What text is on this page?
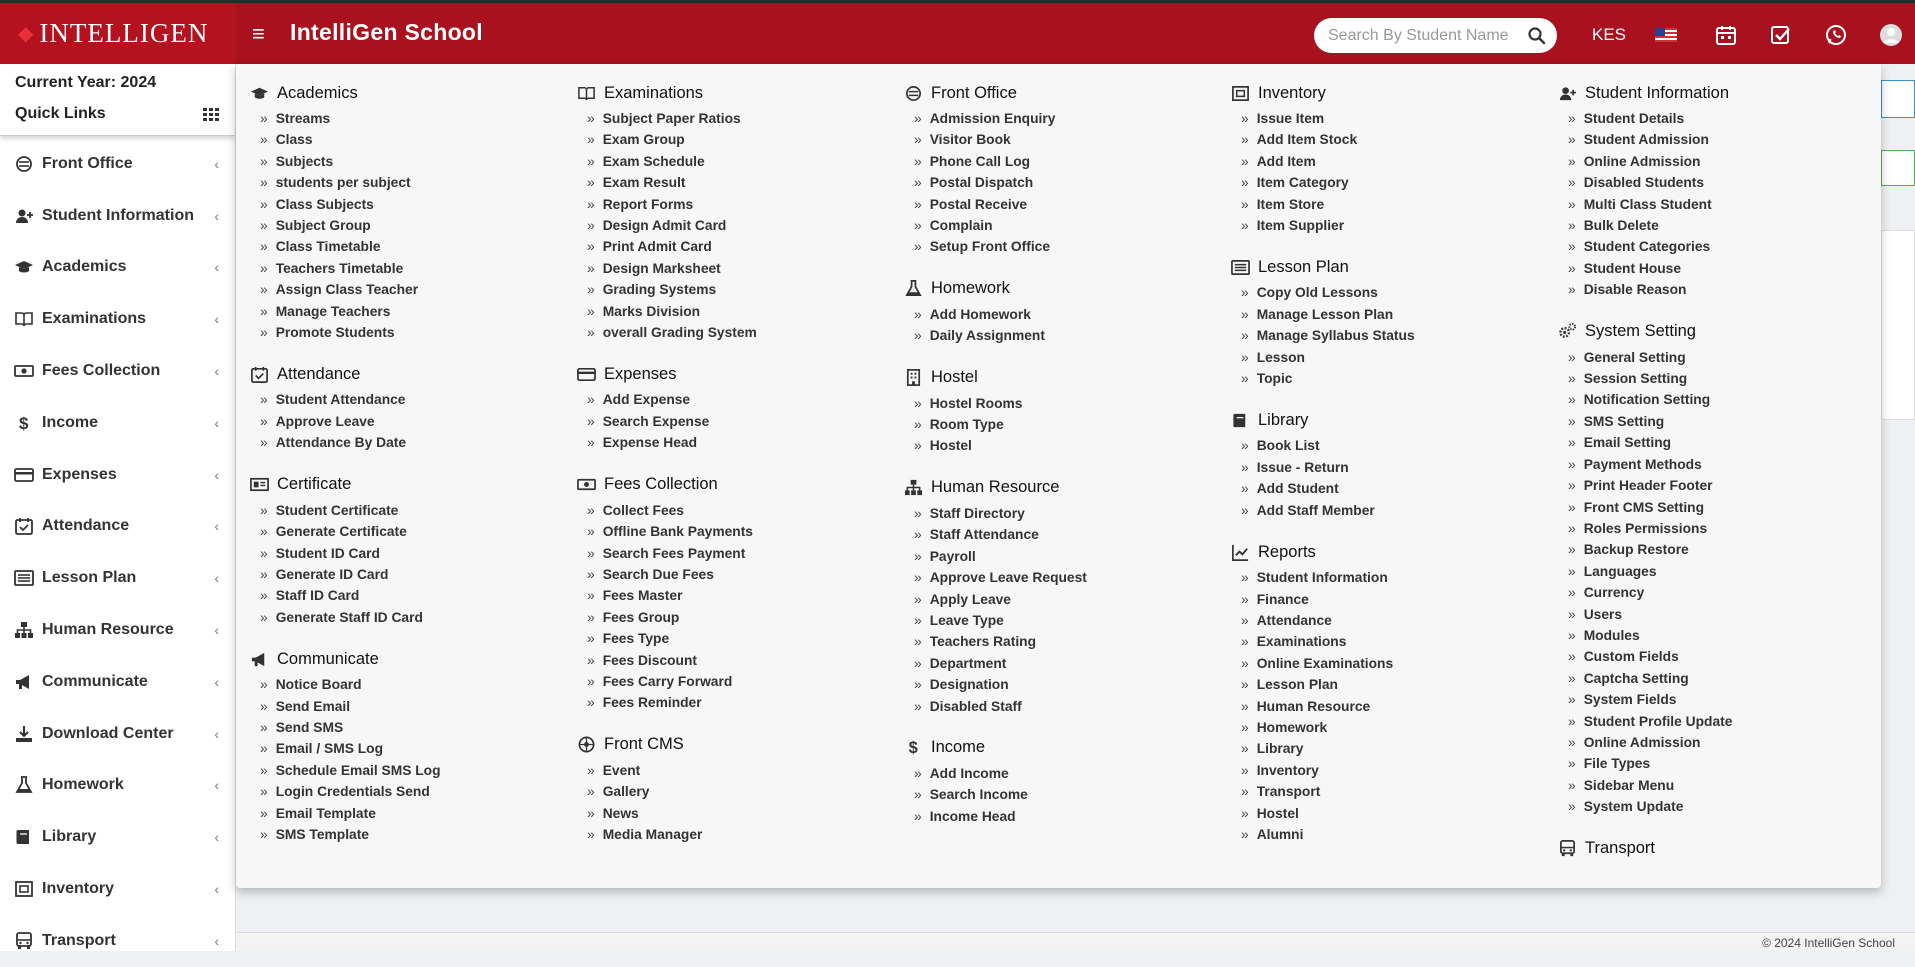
◆ INTELLIGEN ≡ IntelliGen School
Search By Student Name	KES
Current Year: 2024
Quick Links
Front Office	‹
Student Information ‹
Academics	‹
Examinations	‹
Fees Collection	‹
$ Income	‹
Expenses	‹
Attendance	‹
Lesson Plan	‹
Human Resource	‹
Communicate	‹
Download Center	‹
Homework	‹
Library	‹
Inventory	‹
Transport	‹
Academics
» Streams
» Class
» Subjects
» students per subject
» Class Subjects
» Subject Group
» Class Timetable
» Teachers Timetable
» Assign Class Teacher
» Manage Teachers
» Promote Students
Attendance
» Student Attendance
» Approve Leave
» Attendance By Date
Certificate
» Student Certificate
» Generate Certificate
» Student ID Card
» Generate ID Card
» Staff ID Card
» Generate Staff ID Card
Communicate
» Notice Board
» Send Email
» Send SMS
» Email / SMS Log
» Schedule Email SMS Log
» Login Credentials Send
» Email Template
» SMS Template
Examinations
» Subject Paper Ratios
» Exam Group
» Exam Schedule
» Exam Result
» Report Forms
» Design Admit Card
» Print Admit Card
» Design Marksheet
» Grading Systems
» Marks Division
» overall Grading System
Expenses
» Add Expense
» Search Expense
» Expense Head
Fees Collection
» Collect Fees
» Offline Bank Payments
» Search Fees Payment
» Search Due Fees
» Fees Master
» Fees Group
» Fees Type
» Fees Discount
» Fees Carry Forward
» Fees Reminder
Front CMS
» Event
» Gallery
» News
» Media Manager
Front Office
» Admission Enquiry
» Visitor Book
» Phone Call Log
» Postal Dispatch
» Postal Receive
» Complain
» Setup Front Office
Homework
» Add Homework
» Daily Assignment
Hostel
» Hostel Rooms
» Room Type
» Hostel
Human Resource
» Staff Directory
» Staff Attendance
» Payroll
» Approve Leave Request
» Apply Leave
» Leave Type
» Teachers Rating
» Department
» Designation
» Disabled Staff
$ Income
» Add Income
» Search Income
» Income Head
Inventory
» Issue Item
» Add Item Stock
» Add Item
» Item Category
» Item Store
» Item Supplier
Lesson Plan
» Copy Old Lessons
» Manage Lesson Plan
» Manage Syllabus Status
» Lesson
» Topic
Library
» Book List
» Issue - Return
» Add Student
» Add Staff Member
Reports
» Student Information
» Finance
» Attendance
» Examinations
» Online Examinations
» Lesson Plan
» Human Resource
» Homework
» Library
» Inventory
» Transport
» Hostel
» Alumni
Student Information
» Student Details
» Student Admission
» Online Admission
» Disabled Students
» Multi Class Student
» Bulk Delete
» Student Categories
» Student House
» Disable Reason
System Setting
» General Setting
» Session Setting
» Notification Setting
» SMS Setting
» Email Setting
» Payment Methods
» Print Header Footer
» Front CMS Setting
» Roles Permissions
» Backup Restore
» Languages
» Currency
» Users
» Modules
» Custom Fields
» Captcha Setting
» System Fields
» Student Profile Update
» Online Admission
» File Types
» Sidebar Menu
» System Update
Transport
© 2024 IntelliGen School
